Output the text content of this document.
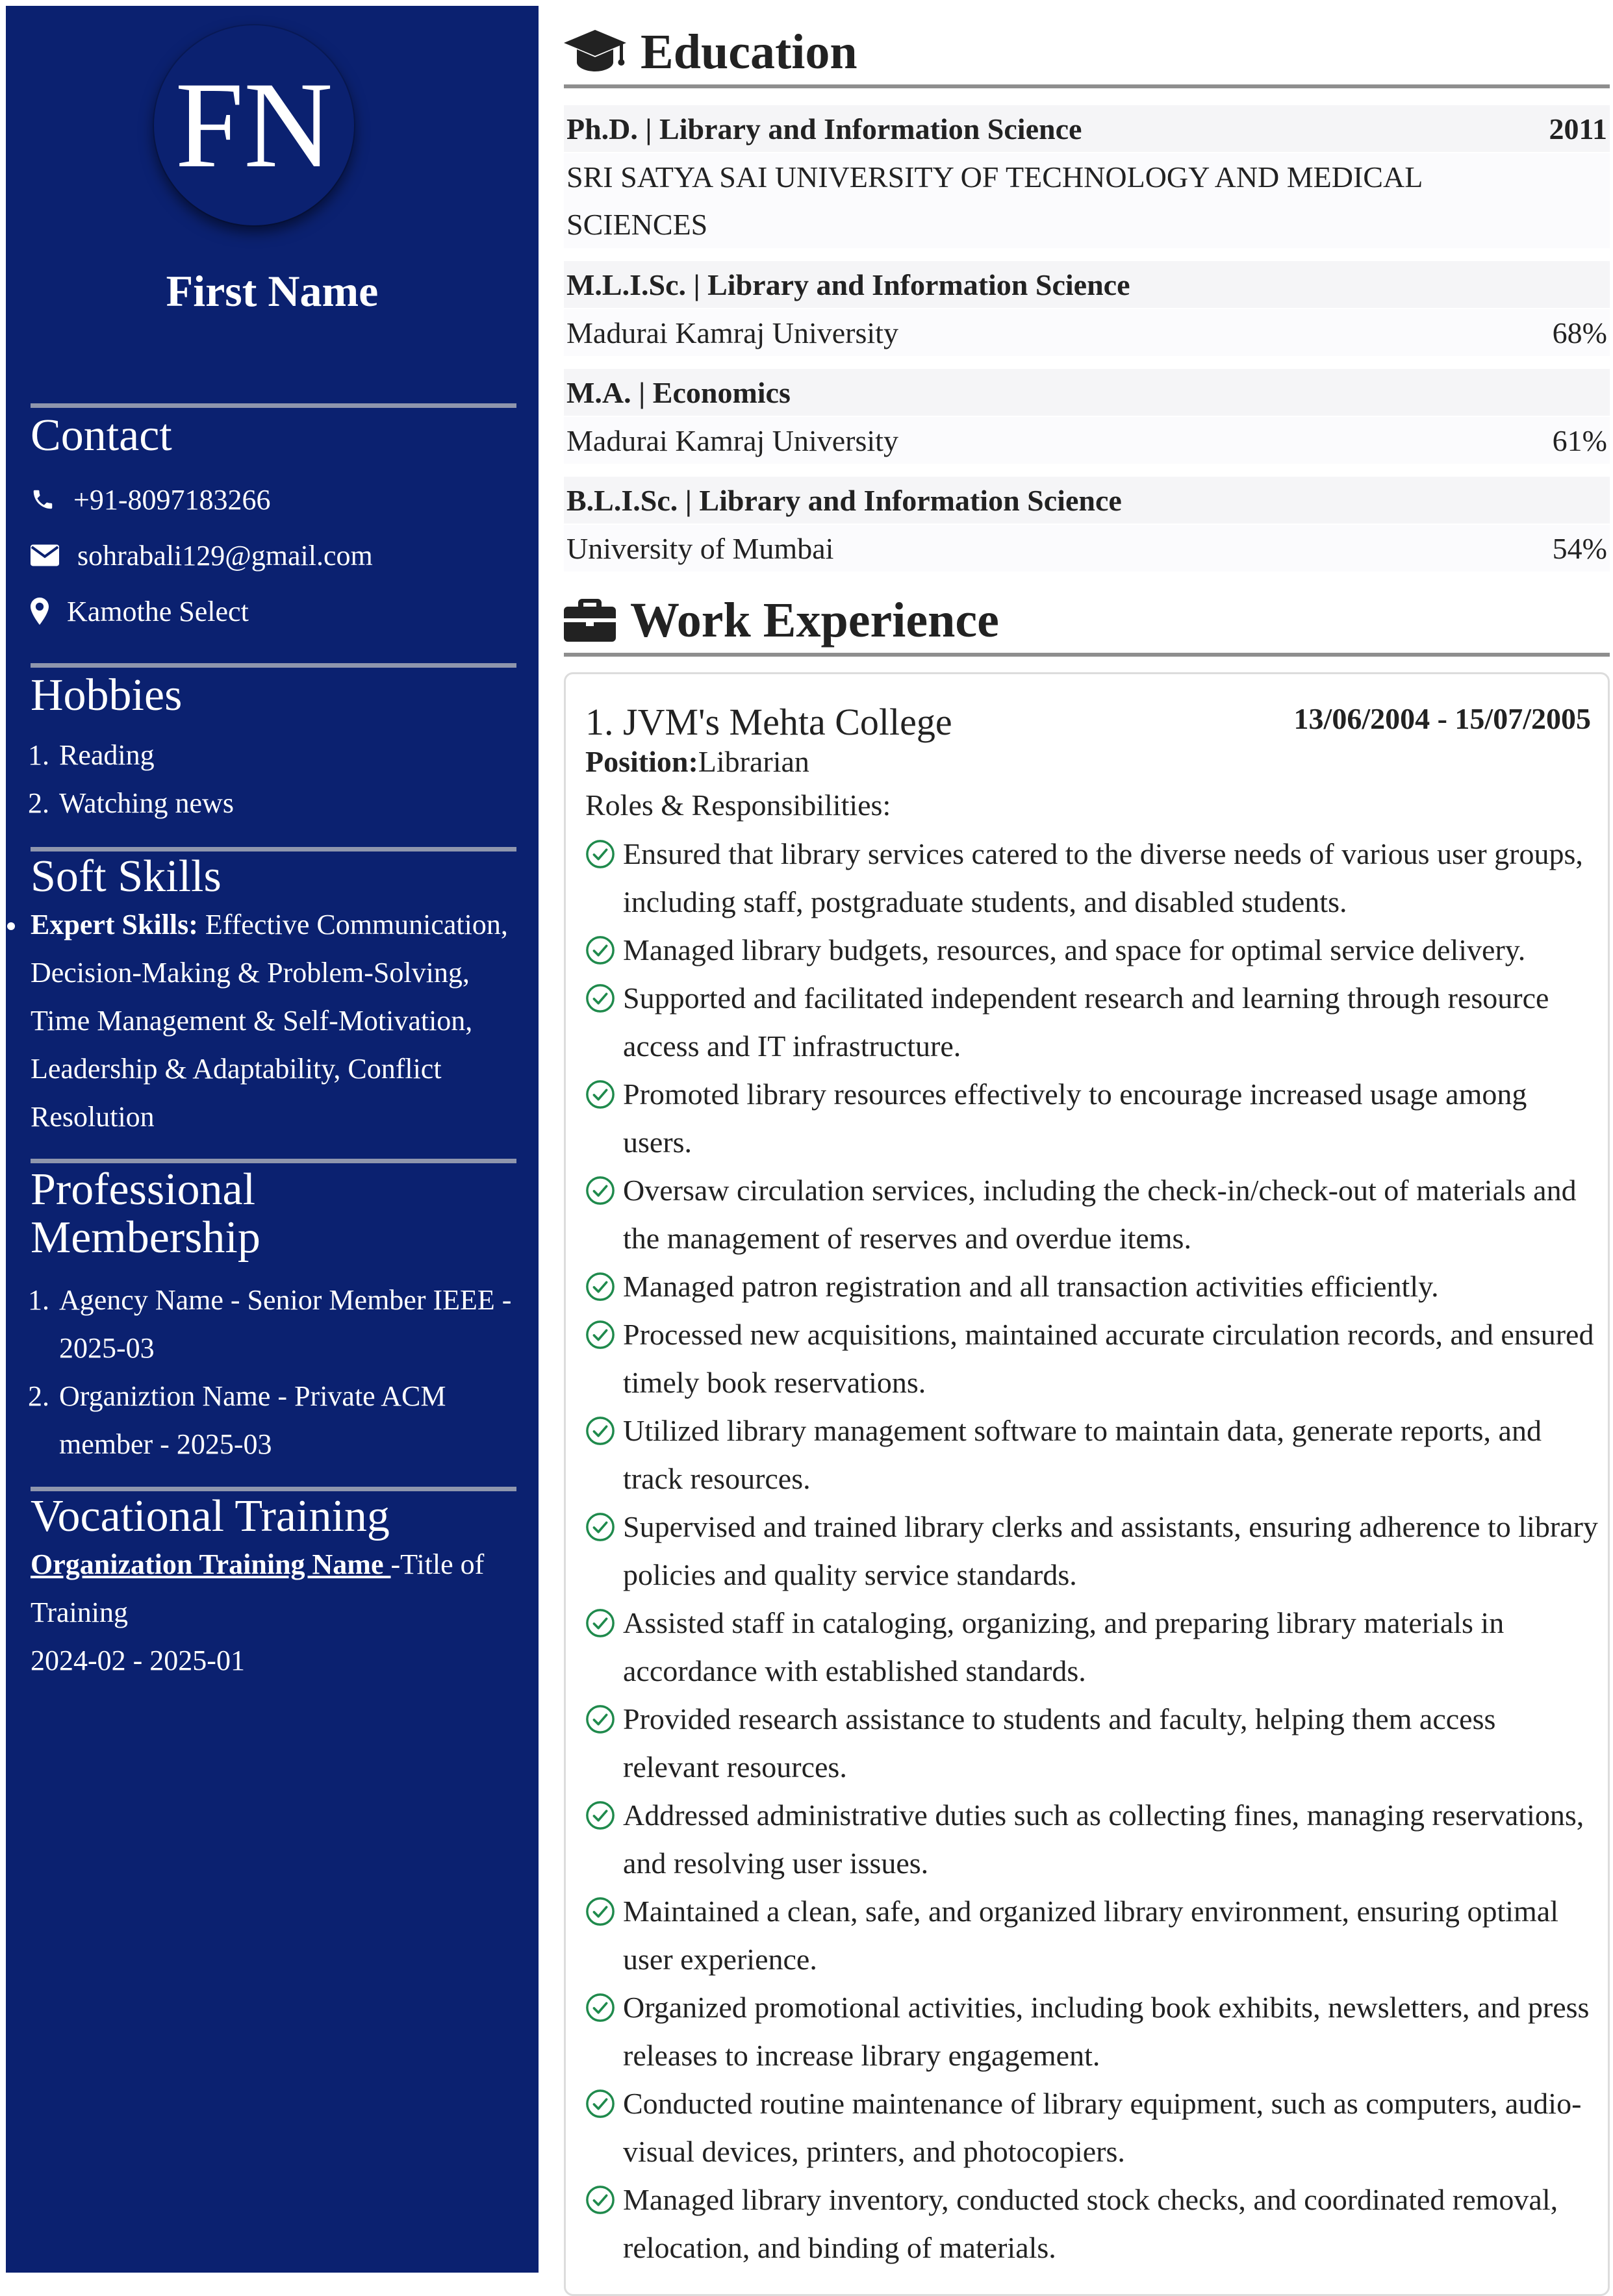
FN
First Name
Contact
+91-8097183266
sohrabali129@gmail.com
Kamothe Select
Hobbies
1. Reading
2. Watching news
Soft Skills
Expert Skills: Effective Communication, Decision-Making & Problem-Solving, Time Management & Self-Motivation, Leadership & Adaptability, Conflict Resolution
Professional
Membership
1. Agency Name - Senior Member IEEE - 2025-03
2. Organiztion Name - Private ACM member - 2025-03
Vocational Training
Organization Training Name -Title of Training
2024-02 - 2025-01
Education
Ph.D. | Library and Information Science	2011
SRI SATYA SAI UNIVERSITY OF TECHNOLOGY AND MEDICAL SCIENCES
M.L.I.Sc. | Library and Information Science
Madurai Kamraj University	68%
M.A. | Economics
Madurai Kamraj University	61%
B.L.I.Sc. | Library and Information Science
University of Mumbai	54%
Work Experience
1. JVM's Mehta College	13/06/2004 - 15/07/2005
Position:Librarian
Roles & Responsibilities:
Ensured that library services catered to the diverse needs of various user groups, including staff, postgraduate students, and disabled students.
Managed library budgets, resources, and space for optimal service delivery.
Supported and facilitated independent research and learning through resource access and IT infrastructure.
Promoted library resources effectively to encourage increased usage among users.
Oversaw circulation services, including the check-in/check-out of materials and the management of reserves and overdue items.
Managed patron registration and all transaction activities efficiently.
Processed new acquisitions, maintained accurate circulation records, and ensured timely book reservations.
Utilized library management software to maintain data, generate reports, and track resources.
Supervised and trained library clerks and assistants, ensuring adherence to library policies and quality service standards.
Assisted staff in cataloging, organizing, and preparing library materials in accordance with established standards.
Provided research assistance to students and faculty, helping them access relevant resources.
Addressed administrative duties such as collecting fines, managing reservations, and resolving user issues.
Maintained a clean, safe, and organized library environment, ensuring optimal user experience.
Organized promotional activities, including book exhibits, newsletters, and press releases to increase library engagement.
Conducted routine maintenance of library equipment, such as computers, audio-visual devices, printers, and photocopiers.
Managed library inventory, conducted stock checks, and coordinated removal, relocation, and binding of materials.
